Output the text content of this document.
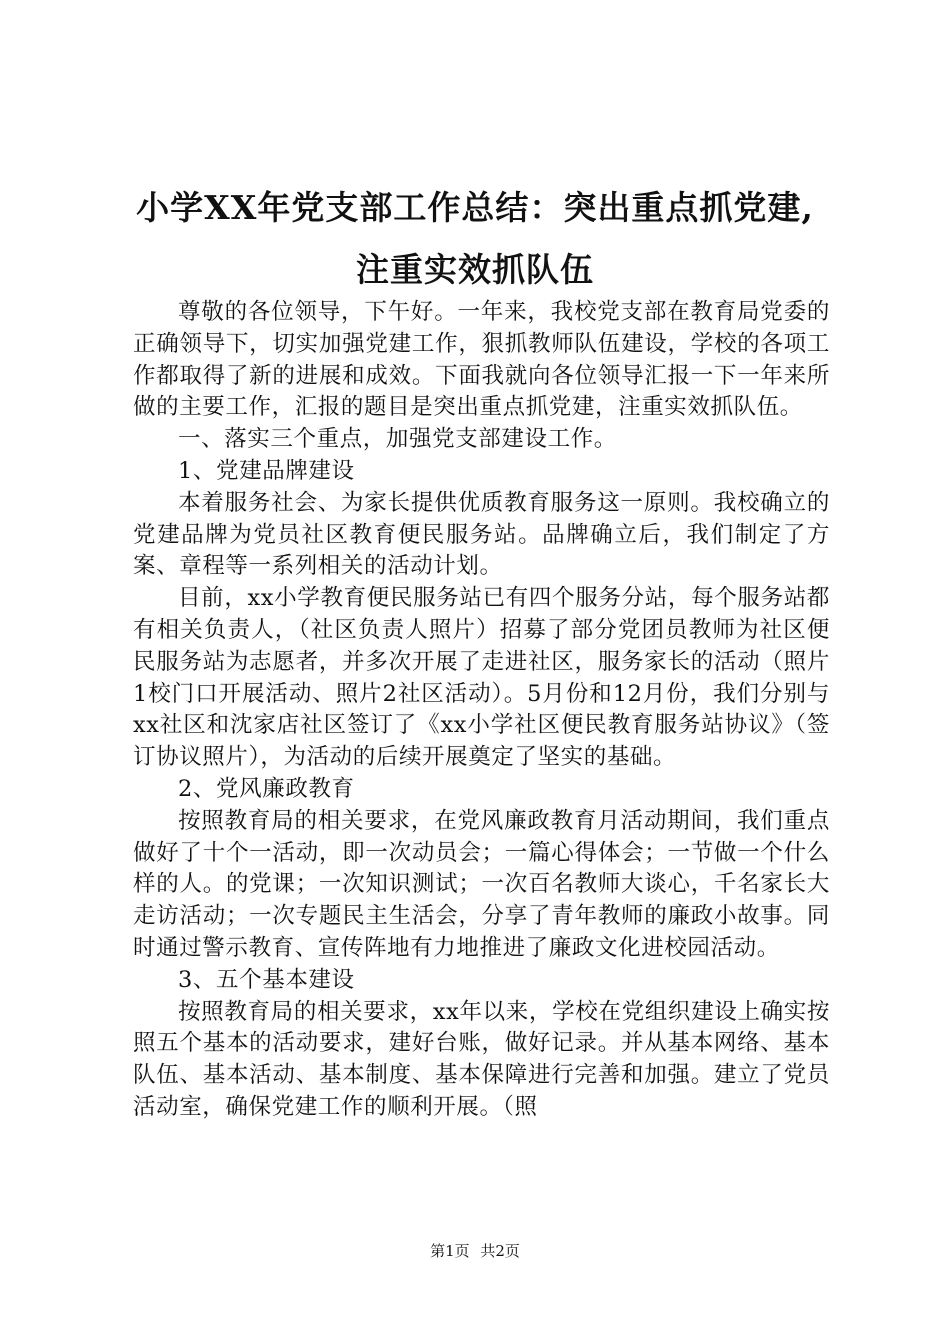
小学XX年党支部工作总结：突出重点抓党建,
注重实效抓队伍

尊敬的各位领导，下午好。一年来，我校党支部在教育局党委的正确领导下，切实加强党建工作，狠抓教师队伍建设，学校的各项工作都取得了新的进展和成效。下面我就向各位领导汇报一下一年来所做的主要工作，汇报的题目是突出重点抓党建，注重实效抓队伍。

一、落实三个重点，加强党支部建设工作。

1、党建品牌建设

本着服务社会、为家长提供优质教育服务这一原则。我校确立的党建品牌为党员社区教育便民服务站。品牌确立后，我们制定了方案、章程等一系列相关的活动计划。

目前，xx小学教育便民服务站已有四个服务分站，每个服务站都有相关负责人，（社区负责人照片）招募了部分党团员教师为社区便民服务站为志愿者，并多次开展了走进社区，服务家长的活动（照片1校门口开展活动、照片2社区活动）。5月份和12月份，我们分别与xx社区和沈家店社区签订了《xx小学社区便民教育服务站协议》（签订协议照片），为活动的后续开展奠定了坚实的基础。

2、党风廉政教育

按照教育局的相关要求，在党风廉政教育月活动期间，我们重点做好了十个一活动，即一次动员会；一篇心得体会；一节做一个什么样的人。的党课；一次知识测试；一次百名教师大谈心，千名家长大走访活动；一次专题民主生活会，分享了青年教师的廉政小故事。同时通过警示教育、宣传阵地有力地推进了廉政文化进校园活动。

3、五个基本建设

按照教育局的相关要求，xx年以来，学校在党组织建设上确实按照五个基本的活动要求，建好台账，做好记录。并从基本网络、基本队伍、基本活动、基本制度、基本保障进行完善和加强。建立了党员活动室，确保党建工作的顺利开展。（照

第1页 共2页
